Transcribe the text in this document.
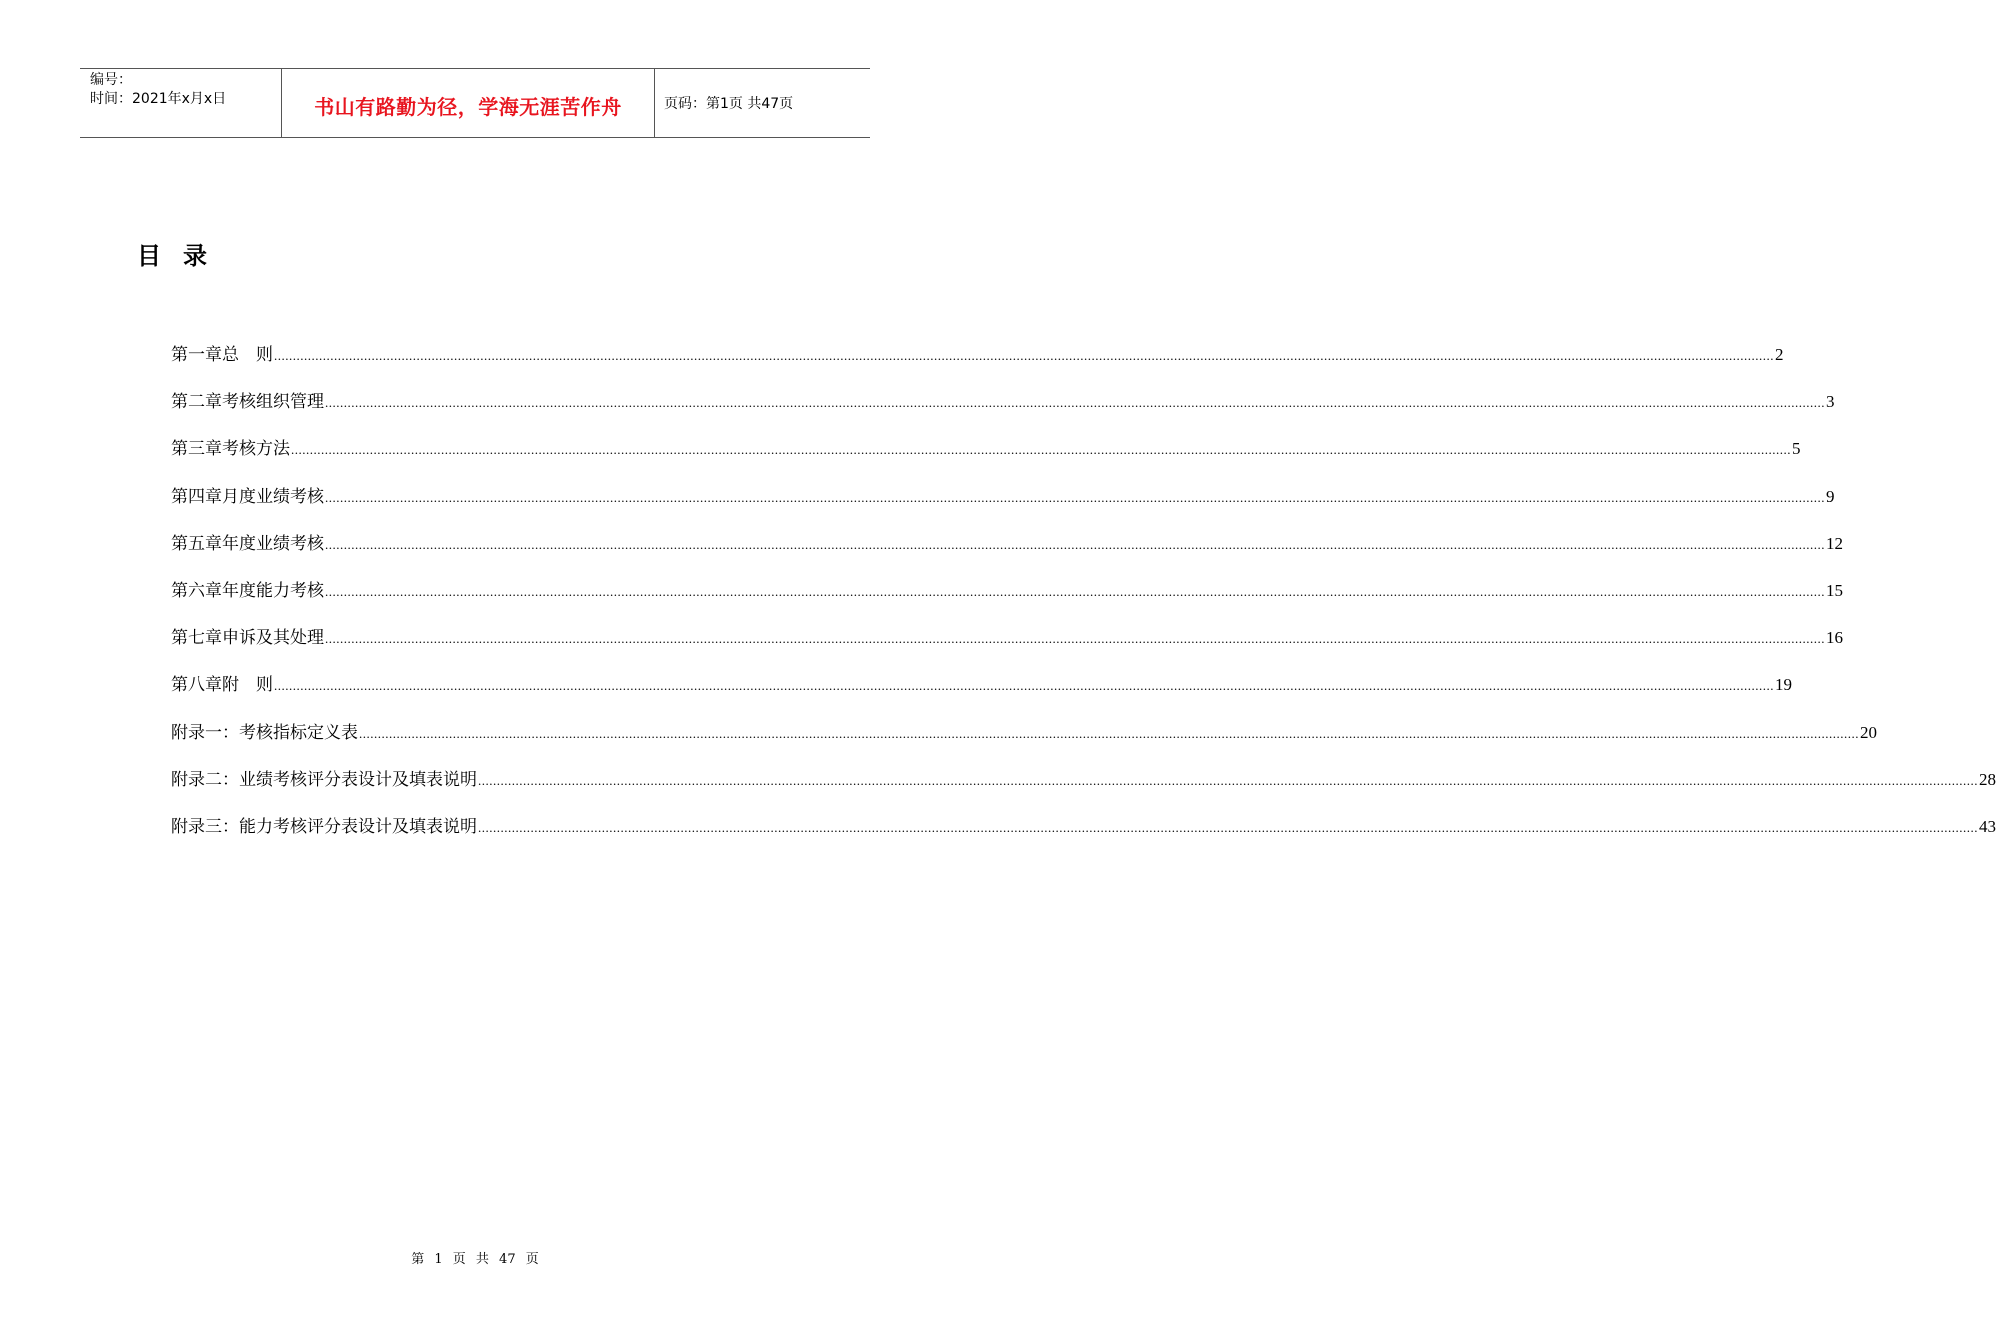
编号：
时间：2021年x月x日	书山有路勤为径，学海无涯苦作舟	页码：第1页 共47页
目录
第一章 总　则 ................................................................................................................................................................................................................................................................................................................................................................................................................ 2
第二章 考核组织管理 ................................................................................................................................................................................................................................................................................................................................................................................................................ 3
第三章 考核方法 ................................................................................................................................................................................................................................................................................................................................................................................................................ 5
第四章 月度业绩考核 ................................................................................................................................................................................................................................................................................................................................................................................................................ 9
第五章 年度业绩考核 ................................................................................................................................................................................................................................................................................................................................................................................................................ 12
第六章 年度能力考核 ................................................................................................................................................................................................................................................................................................................................................................................................................ 15
第七章 申诉及其处理 ................................................................................................................................................................................................................................................................................................................................................................................................................ 16
第八章 附　则 ................................................................................................................................................................................................................................................................................................................................................................................................................ 19
附录一： 考核指标定义表 ................................................................................................................................................................................................................................................................................................................................................................................................................ 20
附录二： 业绩考核评分表设计及填表说明 ................................................................................................................................................................................................................................................................................................................................................................................................................ 28
附录三： 能力考核评分表设计及填表说明 ................................................................................................................................................................................................................................................................................................................................................................................................................ 43
第 1 页 共 47 页
